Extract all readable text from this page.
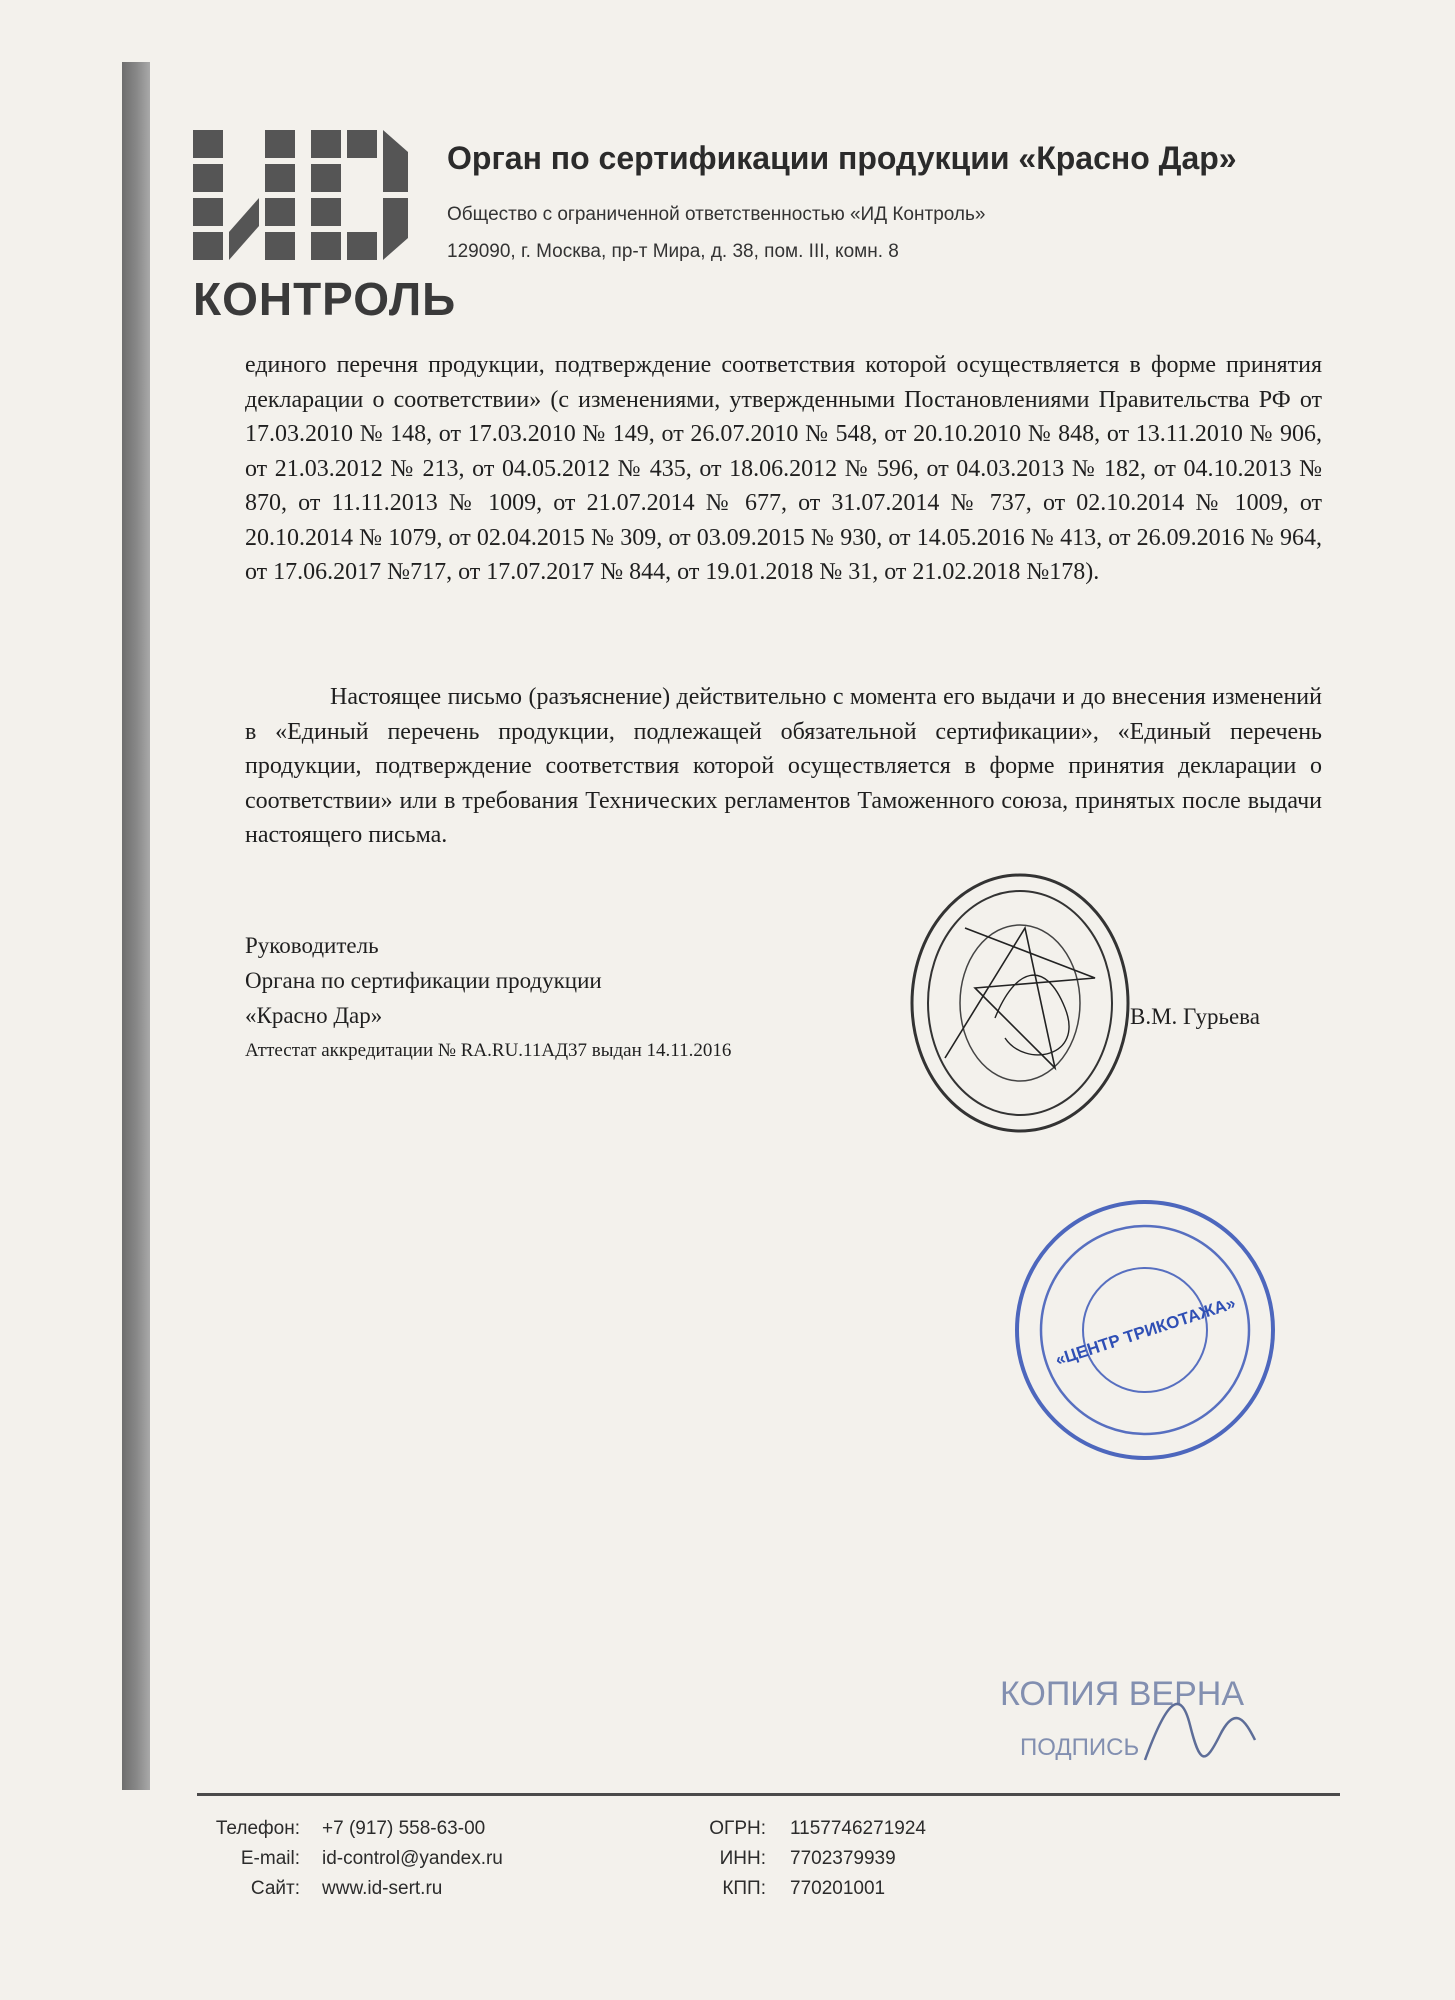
КОНТРОЛЬ
Орган по сертификации продукции «Красно Дар»
Общество с ограниченной ответственностью «ИД Контроль»
129090, г. Москва, пр-т Мира, д. 38, пом. III, комн. 8
единого перечня продукции, подтверждение соответствия которой осуществляется в форме принятия декларации о соответствии» (с изменениями, утвержденными Постановлениями Правительства РФ от 17.03.2010 № 148, от 17.03.2010 № 149, от 26.07.2010 № 548, от 20.10.2010 № 848, от 13.11.2010 № 906, от 21.03.2012 № 213, от 04.05.2012 № 435, от 18.06.2012 № 596, от 04.03.2013 № 182, от 04.10.2013 № 870, от 11.11.2013 № 1009, от 21.07.2014 № 677, от 31.07.2014 № 737, от 02.10.2014 № 1009, от 20.10.2014 № 1079, от 02.04.2015 № 309, от 03.09.2015 № 930, от 14.05.2016 № 413, от 26.09.2016 № 964, от 17.06.2017 №717, от 17.07.2017 № 844, от 19.01.2018 № 31, от 21.02.2018 №178).
Настоящее письмо (разъяснение) действительно с момента его выдачи и до внесения изменений в «Единый перечень продукции, подлежащей обязательной сертификации», «Единый перечень продукции, подтверждение соответствия которой осуществляется в форме принятия декларации о соответствии» или в требования Технических регламентов Таможенного союза, принятых после выдачи настоящего письма.
Руководитель
Органа по сертификации продукции
«Красно Дар»
Аттестат аккредитации № RA.RU.11АД37 выдан 14.11.2016
В.М. Гурьева
«ЦЕНТР ТРИКОТАЖА»
КОПИЯ ВЕРНА
ПОДПИСЬ
Телефон: +7 (917) 558-63-00
E-mail: id-control@yandex.ru
Сайт: www.id-sert.ru
ОГРН: 1157746271924
ИНН: 7702379939
КПП: 770201001
